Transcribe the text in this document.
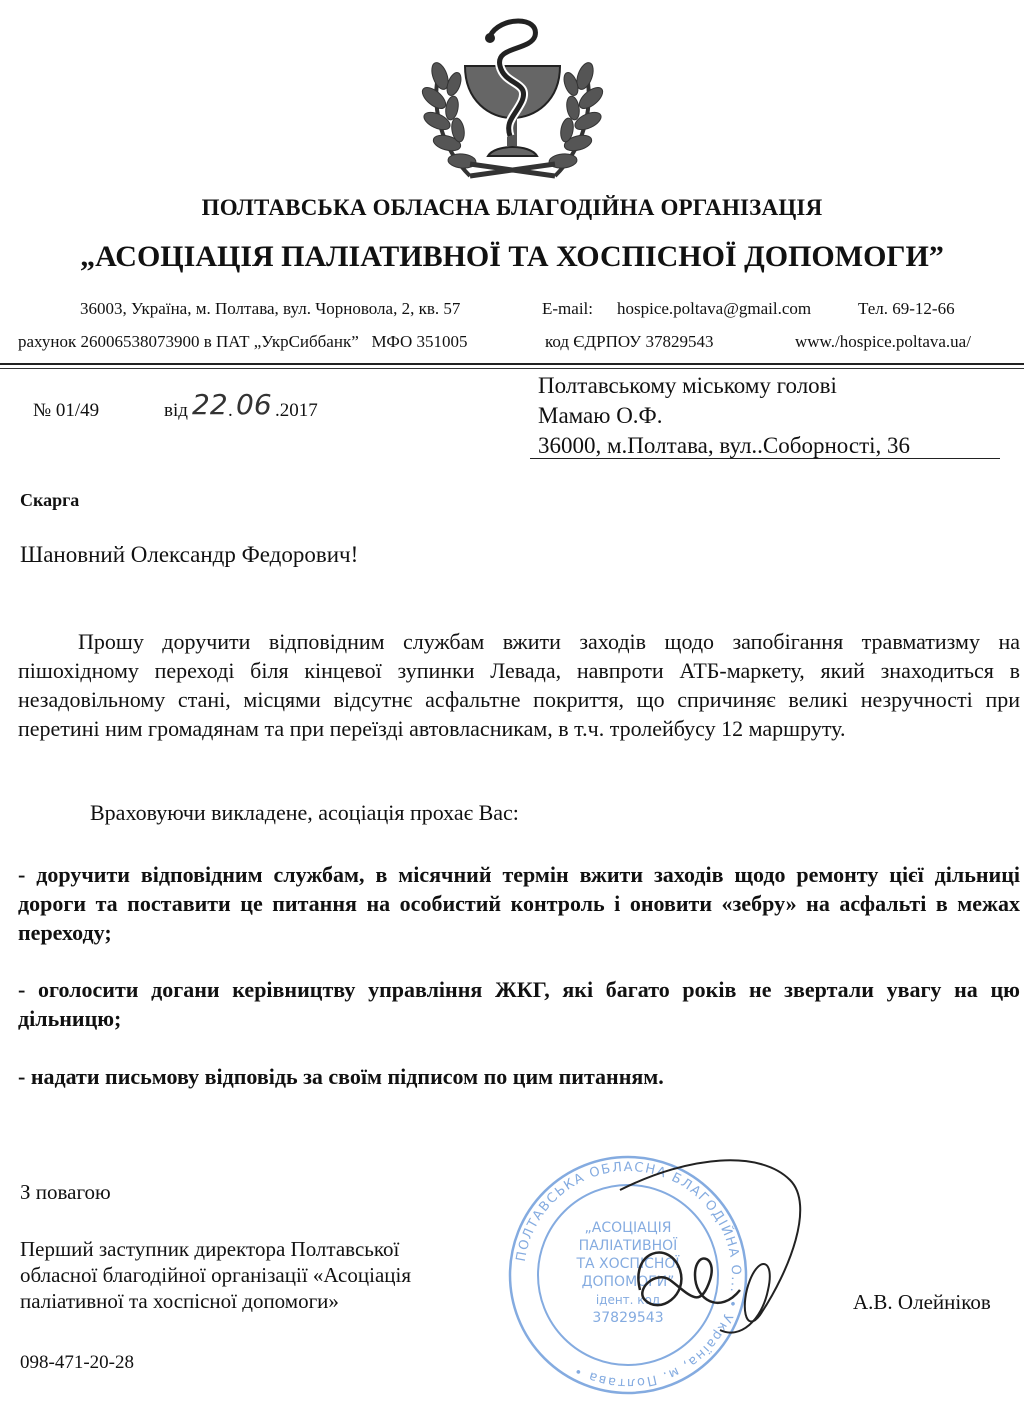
ПОЛТАВСЬКА ОБЛАСНА БЛАГОДІЙНА ОРГАНІЗАЦІЯ
„АСОЦІАЦІЯ ПАЛІАТИВНОЇ ТА ХОСПІСНОЇ ДОПОМОГИ”
36003, Україна, м. Полтава, вул. Чорновола, 2, кв. 57	E-mail: hospice.poltava@gmail.com	Тел. 69-12-66
рахунок 26006538073900 в ПАТ „УкрСиббанк”   МФО 351005	код ЄДРПОУ 37829543	www./hospice.poltava.ua/
№ 01/49	від 22 . 06 .2017
Полтавському міському голові
Мамаю О.Ф.
36000, м.Полтава, вул..Соборності, 36
Скарга
Шановний Олександр Федорович!
Прошу доручити відповідним службам вжити заходів щодо запобігання травматизму на пішохідному переході біля кінцевої зупинки Левада, навпроти АТБ-маркету, який знаходиться в незадовільному стані, місцями відсутнє асфальтне покриття, що спричиняє великі незручності при перетині ним громадянам та при переїзді автовласникам, в т.ч. тролейбусу 12 маршруту.
Враховуючи викладене, асоціація прохає Вас:
- доручити відповідним службам, в місячний термін вжити заходів щодо ремонту цієї дільниці дороги та поставити це питання на особистий контроль і оновити «зебру» на асфальті в межах переходу;
- оголосити догани керівництву управління ЖКГ, які багато років не звертали увагу на цю дільницю;
- надати письмову відповідь за своїм підписом по цим питанням.
З повагою
Перший заступник директора Полтавської
обласної благодійної організації «Асоціація
паліативної та хоспісної допомоги»	А.В. Олейніков
098-471-20-28
ПОЛТАВСЬКА ОБЛАСНА БЛАГОДІЙНА О... • Україна, м. Полтава •
„АСОЦІАЦІЯ
ПАЛІАТИВНОЇ
ТА ХОСПІСНОЇ
ДОПОМОГИ”
ідент. код
37829543
